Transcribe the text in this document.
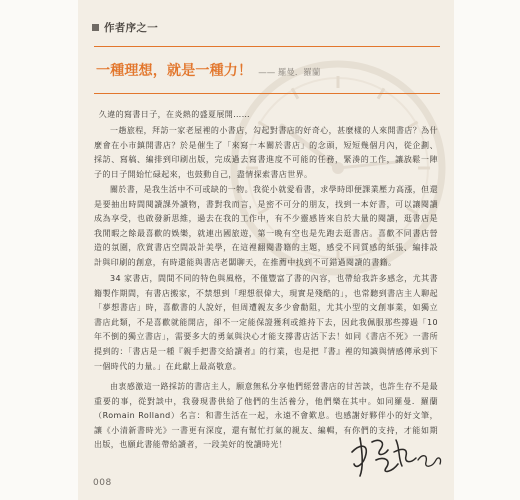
作者序之一
一種理想，就是一種力！ —— 羅曼．羅蘭

久違的寫書日子，在炎熱的盛夏展開……

一趟旅程，拜訪一家老屋裡的小書店，勾起對書店的好奇心，甚麼樣的人來開書店？為什麼會在小市鎮開書店？於是催生了「來寫一本關於書店」的念頭，短短幾個月內，從企劃、採訪、寫稿、編排到印刷出版，完成過去寫書進度不可能的任務，緊湊的工作，讓放鬆一陣子的日子開始忙碌起來，也鼓動自己，盡情探索書店世界。

關於書，是我生活中不可或缺的一物。我從小就愛看書，求學時即便課業壓力高漲，但還是要抽出時間閱讀課外讀物，書對我而言，是密不可分的朋友，找到一本好書，可以讓閱讀成為享受，也啟發新思維，過去在我的工作中，有不少靈感皆來自於大量的閱讀，逛書店是我閒暇之餘最喜歡的娛樂，就連出國旅遊，第一晚有空也是先跑去逛書店。喜歡不同書店營造的氛圍，欣賞書店空間設計美學，在這裡翻閱書籍的主題，感受不同質感的紙張、編排設計與印刷的創意，有時還能與書店老闆聊天，在推薦中找到不可錯過閱讀的書籍。

34 家書店，間間不同的特色與風格，不僅豐富了書的內容，也帶給我許多感念，尤其書籍製作期間，有書店搬家，不禁想到「理想很偉大，現實是殘酷的」，也常聽到書店主人聊起「夢想書店」時，喜歡書的人說好，但周遭親友多少會勸阻，尤其小型的文創事業，如獨立書店此類，不是喜歡就能開店，卻不一定能保證獲利或維持下去，因此我佩服那些撐過「10 年不倒的獨立書店」，需要多大的勇氣與決心才能支撐書店活下去！如同《書店不死》一書所提到的：「書店是一種『親手把書交給讀者』的行業，也是把『書』裡的知識與情感傳承到下一個時代的力量。」在此獻上最高敬意。

由衷感激這一路採訪的書店主人，願意無私分享他們經營書店的甘苦談，也許生存不是最重要的事，從對談中，我發現書供給了他們的生活養分，他們樂在其中。如同羅曼．羅蘭（Romain Rolland）名言：和書生活在一起，永遠不會歎息。也感謝好夥伴小的好文筆，讓《小清新書時光》一書更有深度，還有幫忙打氣的親友、編輯，有你們的支持，才能如期出版，也願此書能帶給讀者，一段美好的悅讀時光！

008
